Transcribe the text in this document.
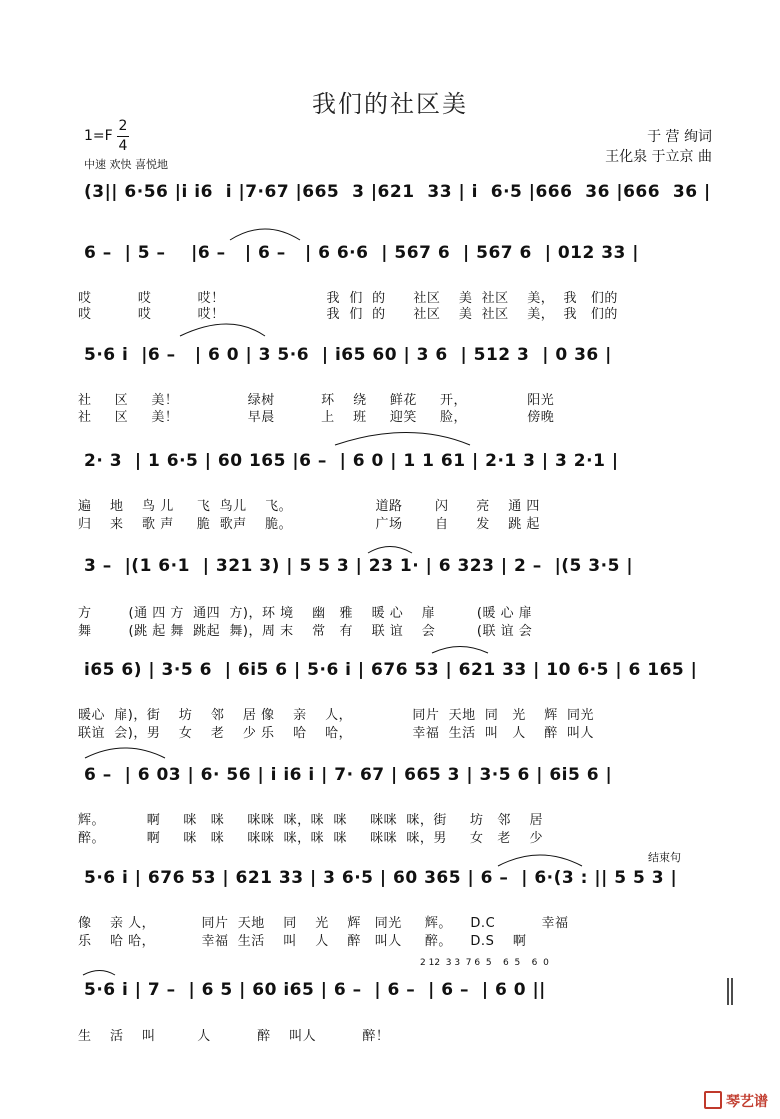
我们的社区美
1=F
2
4
中速 欢快 喜悦地
于 营 绚词
王化泉 于立京 曲
(3|| 6·56 |i i6  i |7·67 |665  3 |621  33 | i  6·5 |666  36 |666  36 |
6 –  | 5 –    |6 –   | 6 –   | 6 6·6  | 567 6  | 567 6  | 012 33 |
哎          哎          哎！                      我  们  的      社区    美  社区    美，  我   们的
哎          哎          哎！                      我  们  的      社区    美  社区    美，  我   们的
5·6 i  |6 –   | 6 0 | 3 5·6  | i65 60 | 3 6  | 512 3  | 0 36 |
社     区     美！               绿树          环    绕     鲜花     开，             阳光
社     区     美！               早晨          上    班     迎笑     脸，             傍晚
2· 3  | 1 6·5 | 60 165 |6 –  | 6 0 | 1 1 61 | 2·1 3 | 3 2·1 |
遍    地    鸟 儿     飞  鸟儿    飞。                  道路       闪      亮    通 四
归    来    歌 声     脆  歌声    脆。                  广场       自      发    跳 起
3 –  |(1 6·1  | 321 3) | 5 5 3 | 23 1· | 6 323 | 2 –  |(5 3·5 |
方        (通 四 方  通四  方)，环 境    幽   雅    暖 心    扉         (暖 心 扉
舞        (跳 起 舞  跳起  舞)，周 末    常   有    联 谊    会         (联 谊 会
i65 6) | 3·5 6  | 6i5 6 | 5·6 i | 676 53 | 621 33 | 10 6·5 | 6 165 |
暖心  扉)，街    坊    邻    居 像    亲    人，             同片  天地  同   光    辉  同光
联谊  会)，男    女    老    少 乐    哈    哈，             幸福  生活  叫   人    醉  叫人
6 –  | 6 03 | 6· 56 | i i6 i | 7· 67 | 665 3 | 3·5 6 | 6i5 6 |
辉。         啊     咪   咪     咪咪  咪，咪  咪     咪咪  咪，街     坊   邻    居
醉。         啊     咪   咪     咪咪  咪，咪  咪     咪咪  咪，男     女   老    少
结束句
5·6 i | 676 53 | 621 33 | 3 6·5 | 60 365 | 6 –  | 6·(3 : || 5 5 3 |
像    亲 人，          同片  天地    同    光    辉   同光     辉。    D.C          幸福
乐    哈 哈，          幸福  生活    叫    人    醉   叫人     醉。    D.S    啊
2 12  3 3  7 6  5    6  5    6  0
5·6 i | 7 –  | 6 5 | 60 i65 | 6 –  | 6 –  | 6 –  | 6 0 ||
生    活    叫         人          醉    叫人          醉！
琴艺谱
